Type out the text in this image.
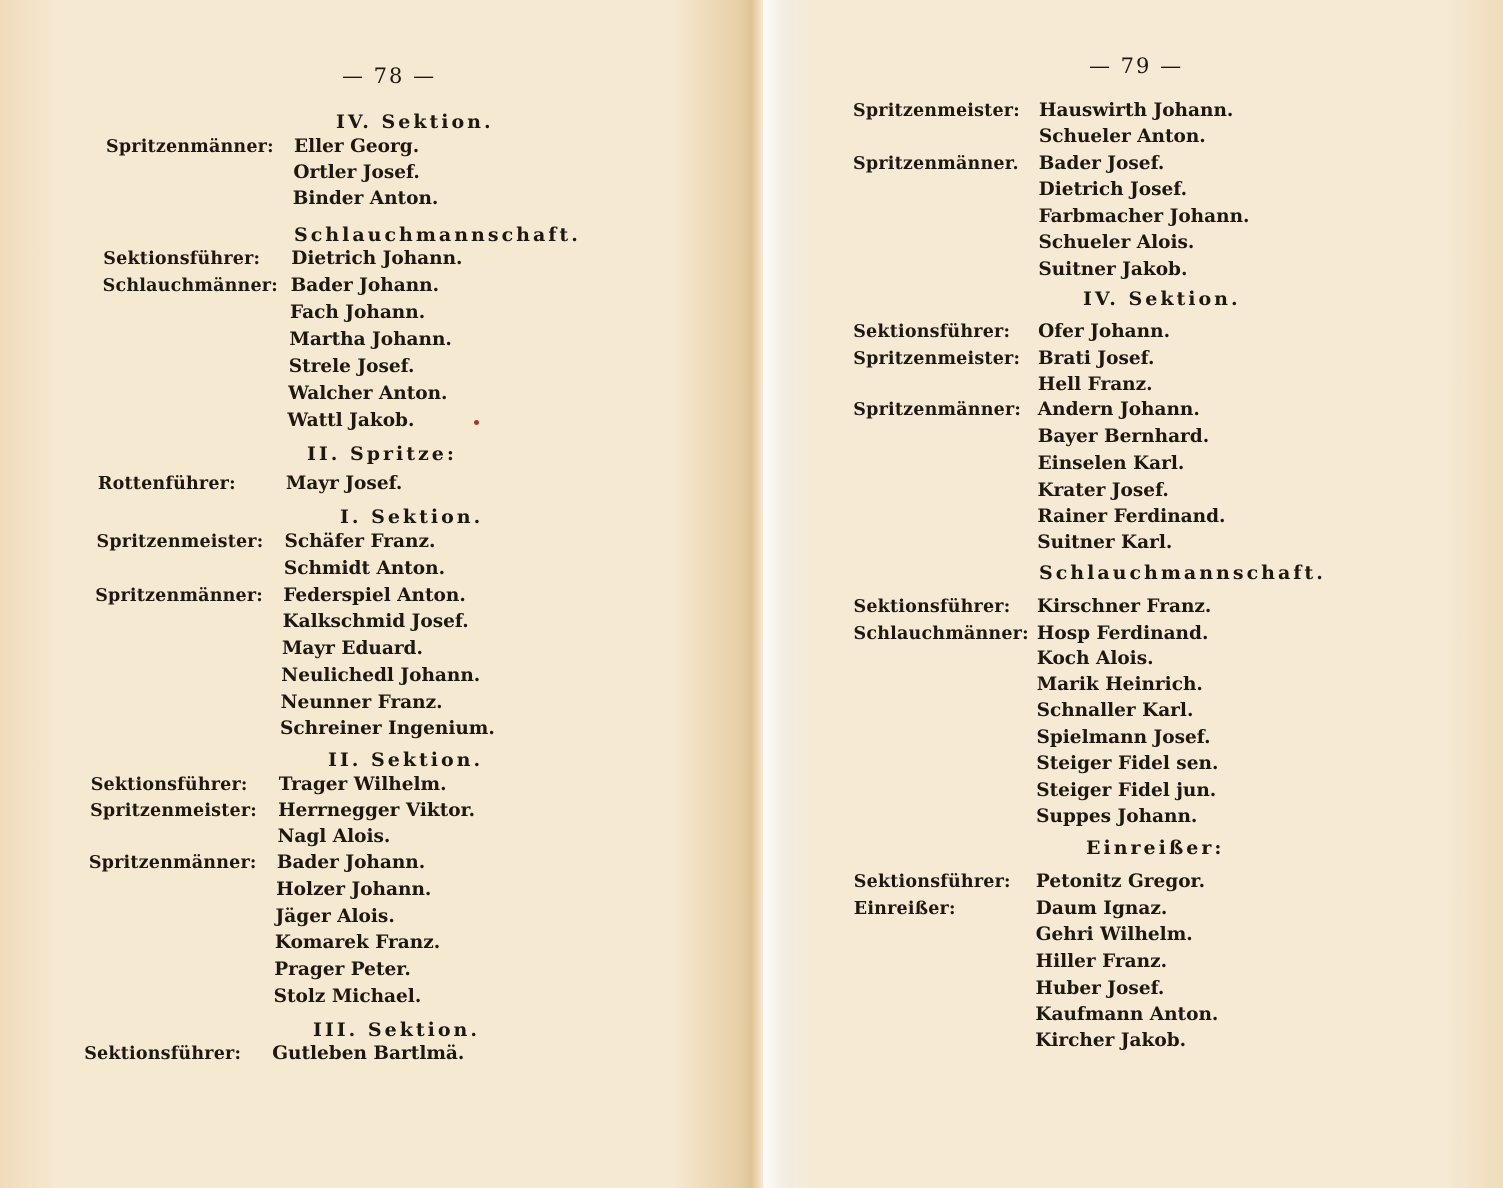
— 78 —
IV. Sektion.
Spritzenmänner: Eller Georg.
Ortler Josef.
Binder Anton.
Schlauchmannschaft.
Sektionsführer: Dietrich Johann.
Schlauchmänner: Bader Johann.
Fach Johann.
Martha Johann.
Strele Josef.
Walcher Anton.
Wattl Jakob.
II. Spritze:
Rottenführer:	Mayr Josef.
I. Sektion.
Spritzenmeister: Schäfer Franz.
Schmidt Anton.
Spritzenmänner: Federspiel Anton.
Kalkschmid Josef.
Mayr Eduard.
Neulichedl Johann.
Neunner Franz.
Schreiner Ingenium.
II. Sektion.
Sektionsführer: Trager Wilhelm.
Spritzenmeister: Herrnegger Viktor.
Nagl Alois.
Spritzenmänner: Bader Johann.
Holzer Johann.
Jäger Alois.
Komarek Franz.
Prager Peter.
Stolz Michael.
III. Sektion.
Sektionsführer: Gutleben Bartlmä.
— 79 —
Spritzenmeister: Hauswirth Johann.
Schueler Anton.
Spritzenmänner. Bader Josef.
Dietrich Josef.
Farbmacher Johann.
Schueler Alois.
Suitner Jakob.
IV. Sektion.
Sektionsführer: Ofer Johann.
Spritzenmeister: Brati Josef.
Hell Franz.
Spritzenmänner: Andern Johann.
Bayer Bernhard.
Einselen Karl.
Krater Josef.
Rainer Ferdinand.
Suitner Karl.
Schlauchmannschaft.
Sektionsführer: Kirschner Franz.
Schlauchmänner: Hosp Ferdinand.
Koch Alois.
Marik Heinrich.
Schnaller Karl.
Spielmann Josef.
Steiger Fidel sen.
Steiger Fidel jun.
Suppes Johann.
Einreißer:
Sektionsführer: Petonitz Gregor.
Einreißer:	Daum Ignaz.
Gehri Wilhelm.
Hiller Franz.
Huber Josef.
Kaufmann Anton.
Kircher Jakob.
